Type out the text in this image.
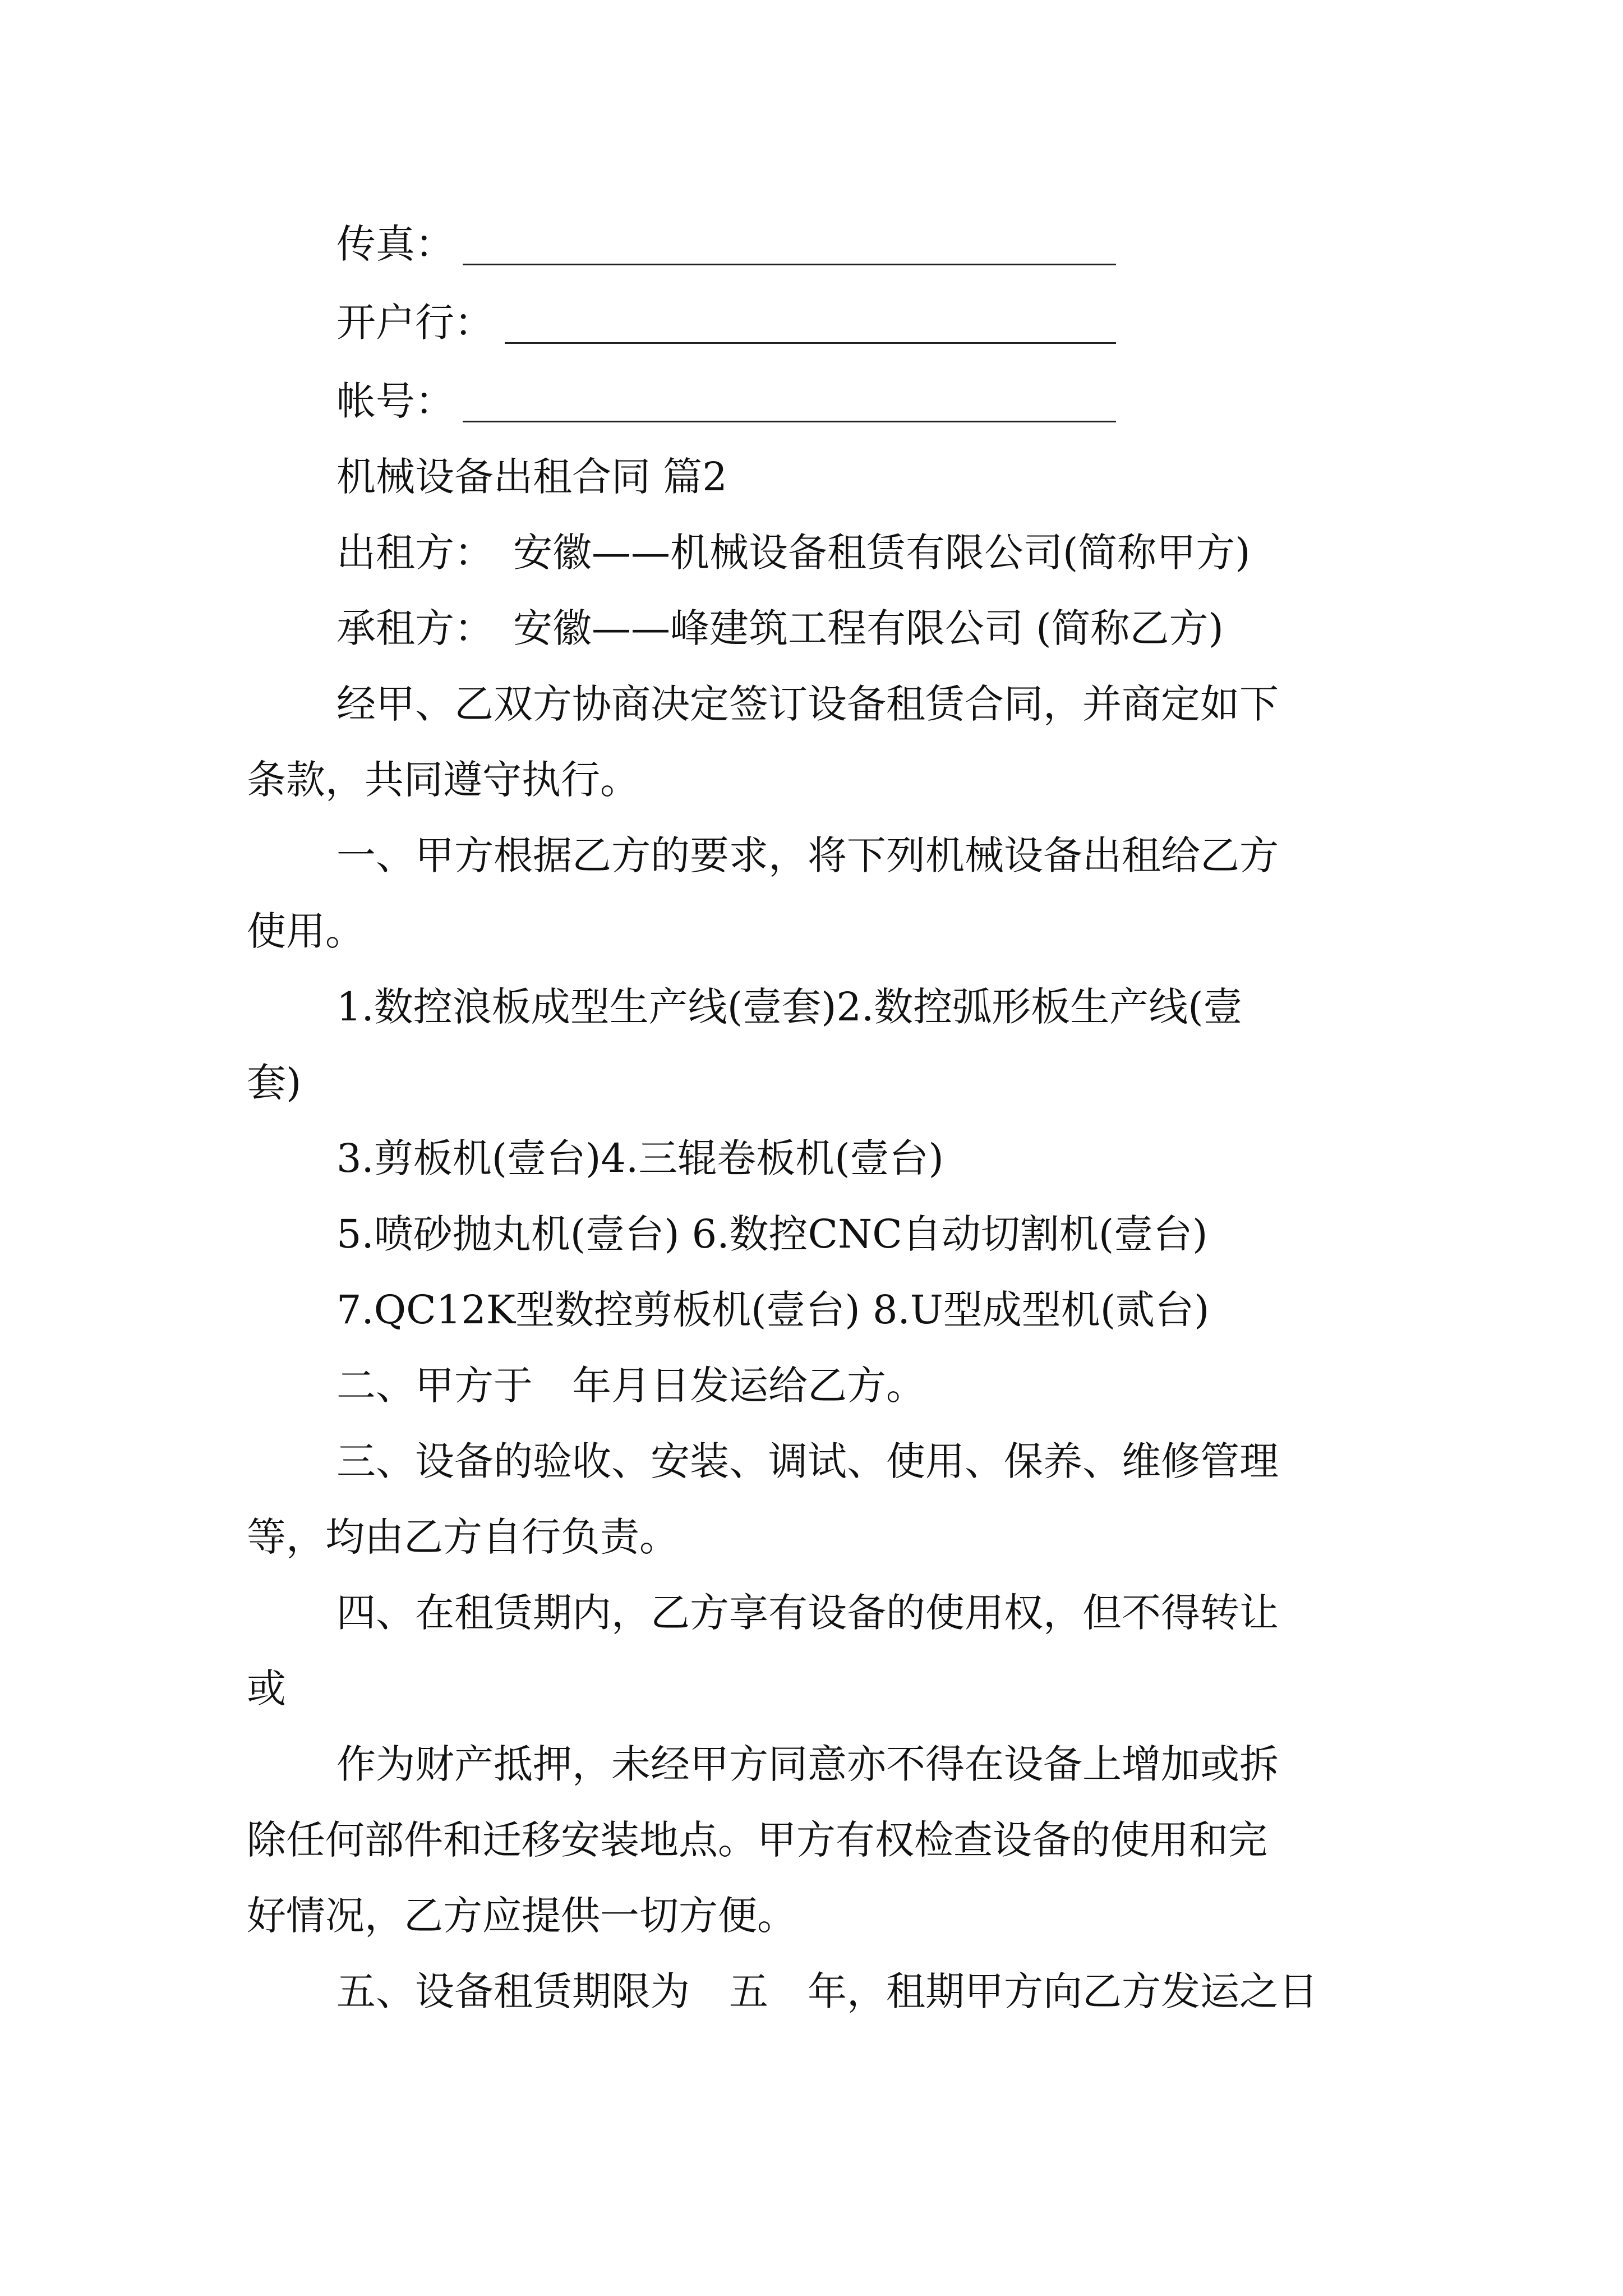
传真：
开户行：
帐号：
机械设备出租合同 篇2
出租方：　安徽——机械设备租赁有限公司(简称甲方)
承租方：　安徽——峰建筑工程有限公司 (简称乙方)
经甲、乙双方协商决定签订设备租赁合同，并商定如下
条款，共同遵守执行。
一、甲方根据乙方的要求，将下列机械设备出租给乙方
使用。
1.数控浪板成型生产线(壹套)2.数控弧形板生产线(壹
套)
3.剪板机(壹台)4.三辊卷板机(壹台)
5.喷砂抛丸机(壹台) 6.数控CNC自动切割机(壹台)
7.QC12K型数控剪板机(壹台) 8.U型成型机(贰台)
二、甲方于　年月日发运给乙方。
三、设备的验收、安装、调试、使用、保养、维修管理
等，均由乙方自行负责。
四、在租赁期内，乙方享有设备的使用权，但不得转让
或
作为财产抵押，未经甲方同意亦不得在设备上增加或拆
除任何部件和迁移安装地点。甲方有权检查设备的使用和完
好情况，乙方应提供一切方便。
五、设备租赁期限为　五　年，租期甲方向乙方发运之日
